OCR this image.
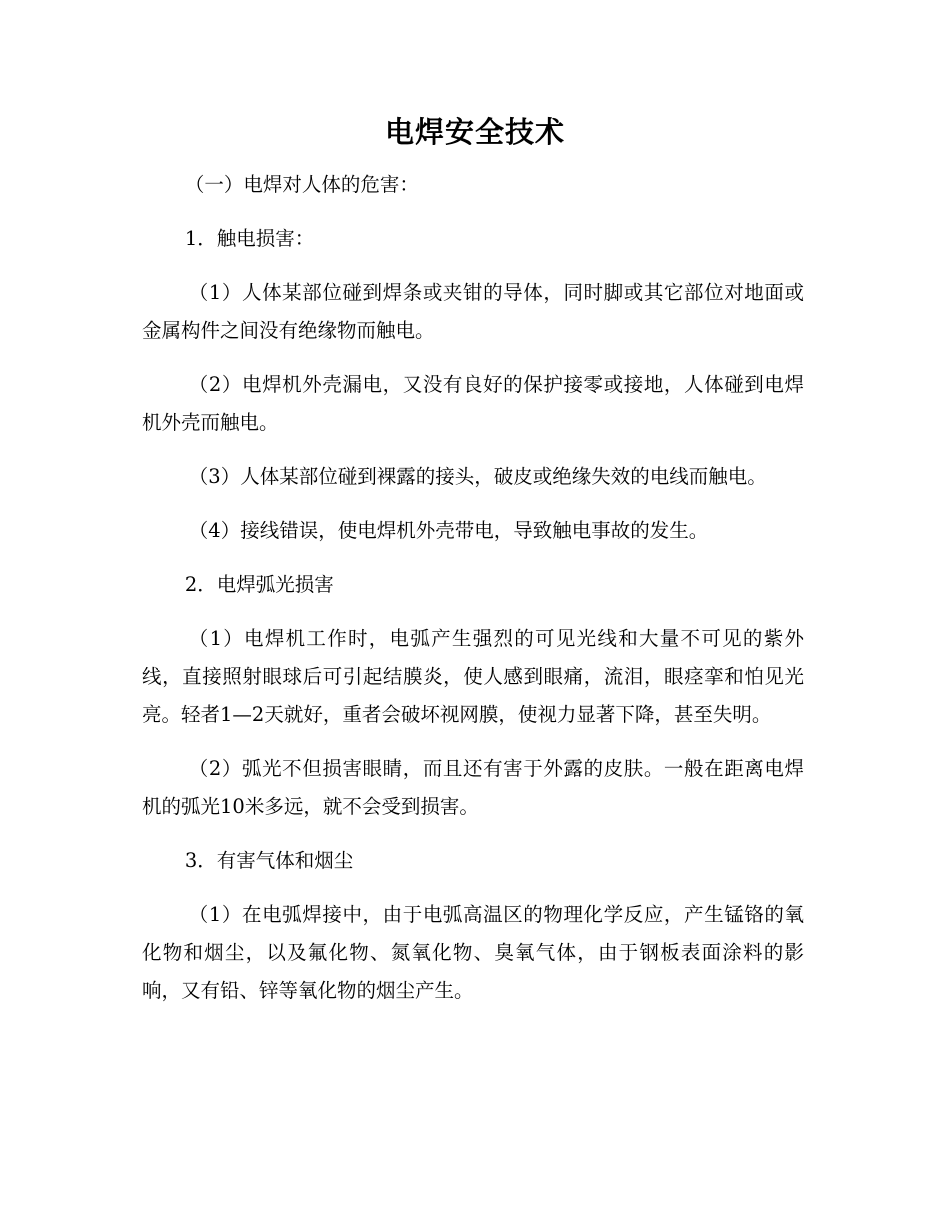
电焊安全技术

（一）电焊对人体的危害：

1．触电损害：

（1）人体某部位碰到焊条或夹钳的导体，同时脚或其它部位对地面或金属构件之间没有绝缘物而触电。

（2）电焊机外壳漏电，又没有良好的保护接零或接地，人体碰到电焊机外壳而触电。

（3）人体某部位碰到裸露的接头，破皮或绝缘失效的电线而触电。

（4）接线错误，使电焊机外壳带电，导致触电事故的发生。

2．电焊弧光损害

（1）电焊机工作时，电弧产生强烈的可见光线和大量不可见的紫外线，直接照射眼球后可引起结膜炎，使人感到眼痛，流泪，眼痉挛和怕见光亮。轻者1—2天就好，重者会破坏视网膜，使视力显著下降，甚至失明。

（2）弧光不但损害眼睛，而且还有害于外露的皮肤。一般在距离电焊机的弧光10米多远，就不会受到损害。

3．有害气体和烟尘

（1）在电弧焊接中，由于电弧高温区的物理化学反应，产生锰铬的氧化物和烟尘，以及氟化物、氮氧化物、臭氧气体，由于钢板表面涂料的影响，又有铅、锌等氧化物的烟尘产生。
